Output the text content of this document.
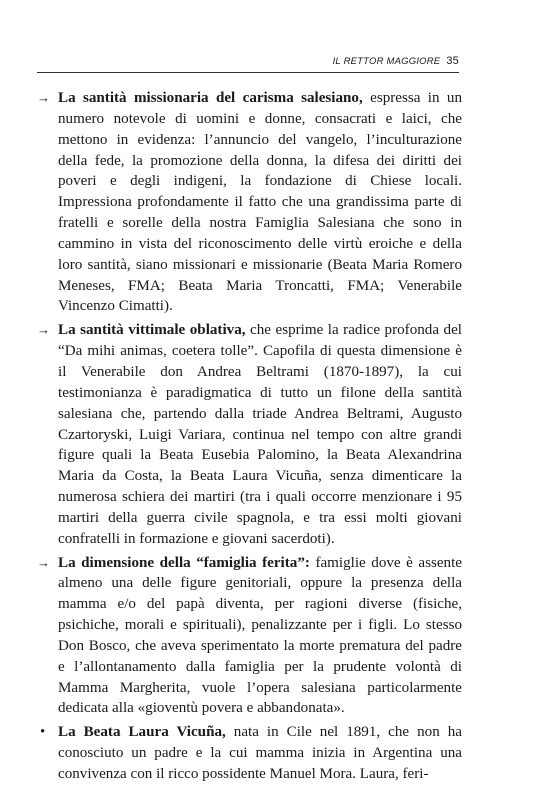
IL RETTOR MAGGIORE 35
→ La santità missionaria del carisma salesiano, espressa in un numero notevole di uomini e donne, consacrati e laici, che mettono in evidenza: l’annuncio del vangelo, l’inculturazione della fede, la promozione della donna, la difesa dei diritti dei poveri e degli indigeni, la fondazione di Chiese locali. Impressiona profondamente il fatto che una grandissima parte di fratelli e sorelle della nostra Famiglia Salesiana che sono in cammino in vista del riconoscimento delle virtù eroiche e della loro santità, siano missionari e missionarie (Beata Maria Romero Meneses, FMA; Beata Maria Troncatti, FMA; Venerabile Vincenzo Cimatti).
→ La santità vittimale oblativa, che esprime la radice profonda del “Da mihi animas, coetera tolle”. Capofila di questa dimensione è il Venerabile don Andrea Beltrami (1870-1897), la cui testimonianza è paradigmatica di tutto un filone della santità salesiana che, partendo dalla triade Andrea Beltrami, Augusto Czartoryski, Luigi Variara, continua nel tempo con altre grandi figure quali la Beata Eusebia Palomino, la Beata Alexandrina Maria da Costa, la Beata Laura Vicuña, senza dimenticare la numerosa schiera dei martiri (tra i quali occorre menzionare i 95 martiri della guerra civile spagnola, e tra essi molti giovani confratelli in formazione e giovani sacerdoti).
→ La dimensione della “famiglia ferita”: famiglie dove è assente almeno una delle figure genitoriali, oppure la presenza della mamma e/o del papà diventa, per ragioni diverse (fisiche, psichiche, morali e spirituali), penalizzante per i figli. Lo stesso Don Bosco, che aveva sperimentato la morte prematura del padre e l’allontanamento dalla famiglia per la prudente volontà di Mamma Margherita, vuole l’opera salesiana particolarmente dedicata alla «gioventù povera e abbandonata».
• La Beata Laura Vicuña, nata in Cile nel 1891, che non ha conosciuto un padre e la cui mamma inizia in Argentina una convivenza con il ricco possidente Manuel Mora. Laura, feri-
